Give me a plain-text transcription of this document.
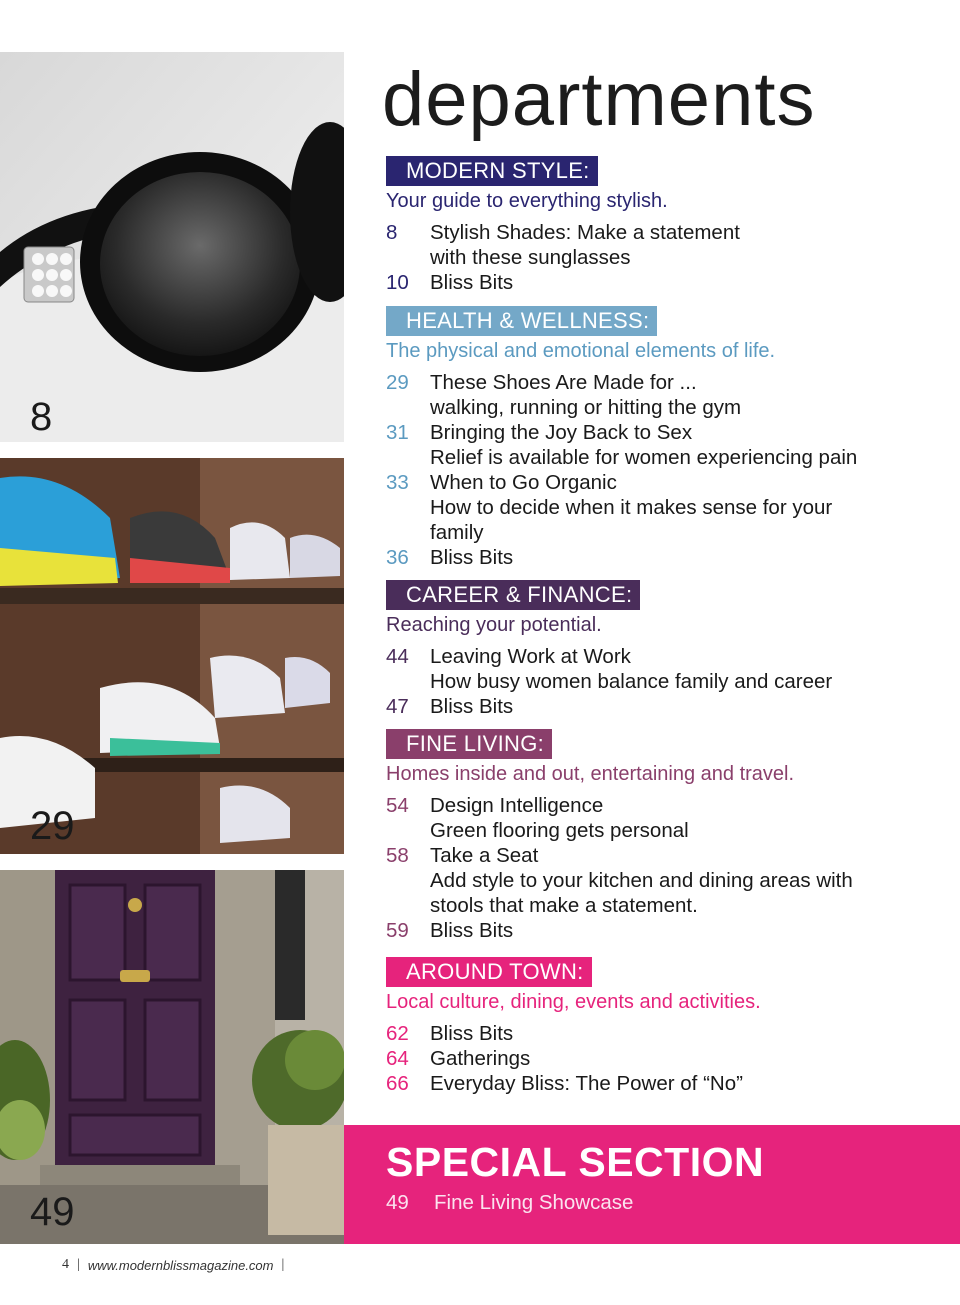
8
29
49
departments
MODERN STYLE:
Your guide to everything stylish.
8	Stylish Shades: Make a statement
with these sunglasses
10	Bliss Bits
HEALTH & WELLNESS:
The physical and emotional elements of life.
29	These Shoes Are Made for ...
walking, running or hitting the gym
31	Bringing the Joy Back to Sex
Relief is available for women experiencing pain
33	When to Go Organic
How to decide when it makes sense for your
family
36	Bliss Bits
CAREER & FINANCE:
Reaching your potential.
44	Leaving Work at Work
How busy women balance family and career
47	Bliss Bits
FINE LIVING:
Homes inside and out, entertaining and travel.
54	Design Intelligence
Green flooring gets personal
58	Take a Seat
Add style to your kitchen and dining areas with
stools that make a statement.
59	Bliss Bits
AROUND TOWN:
Local culture, dining, events and activities.
62	Bliss Bits
64	Gatherings
66	Everyday Bliss: The Power of “No”
SPECIAL SECTION
49	Fine Living Showcase
4 | www.modernblissmagazine.com |
